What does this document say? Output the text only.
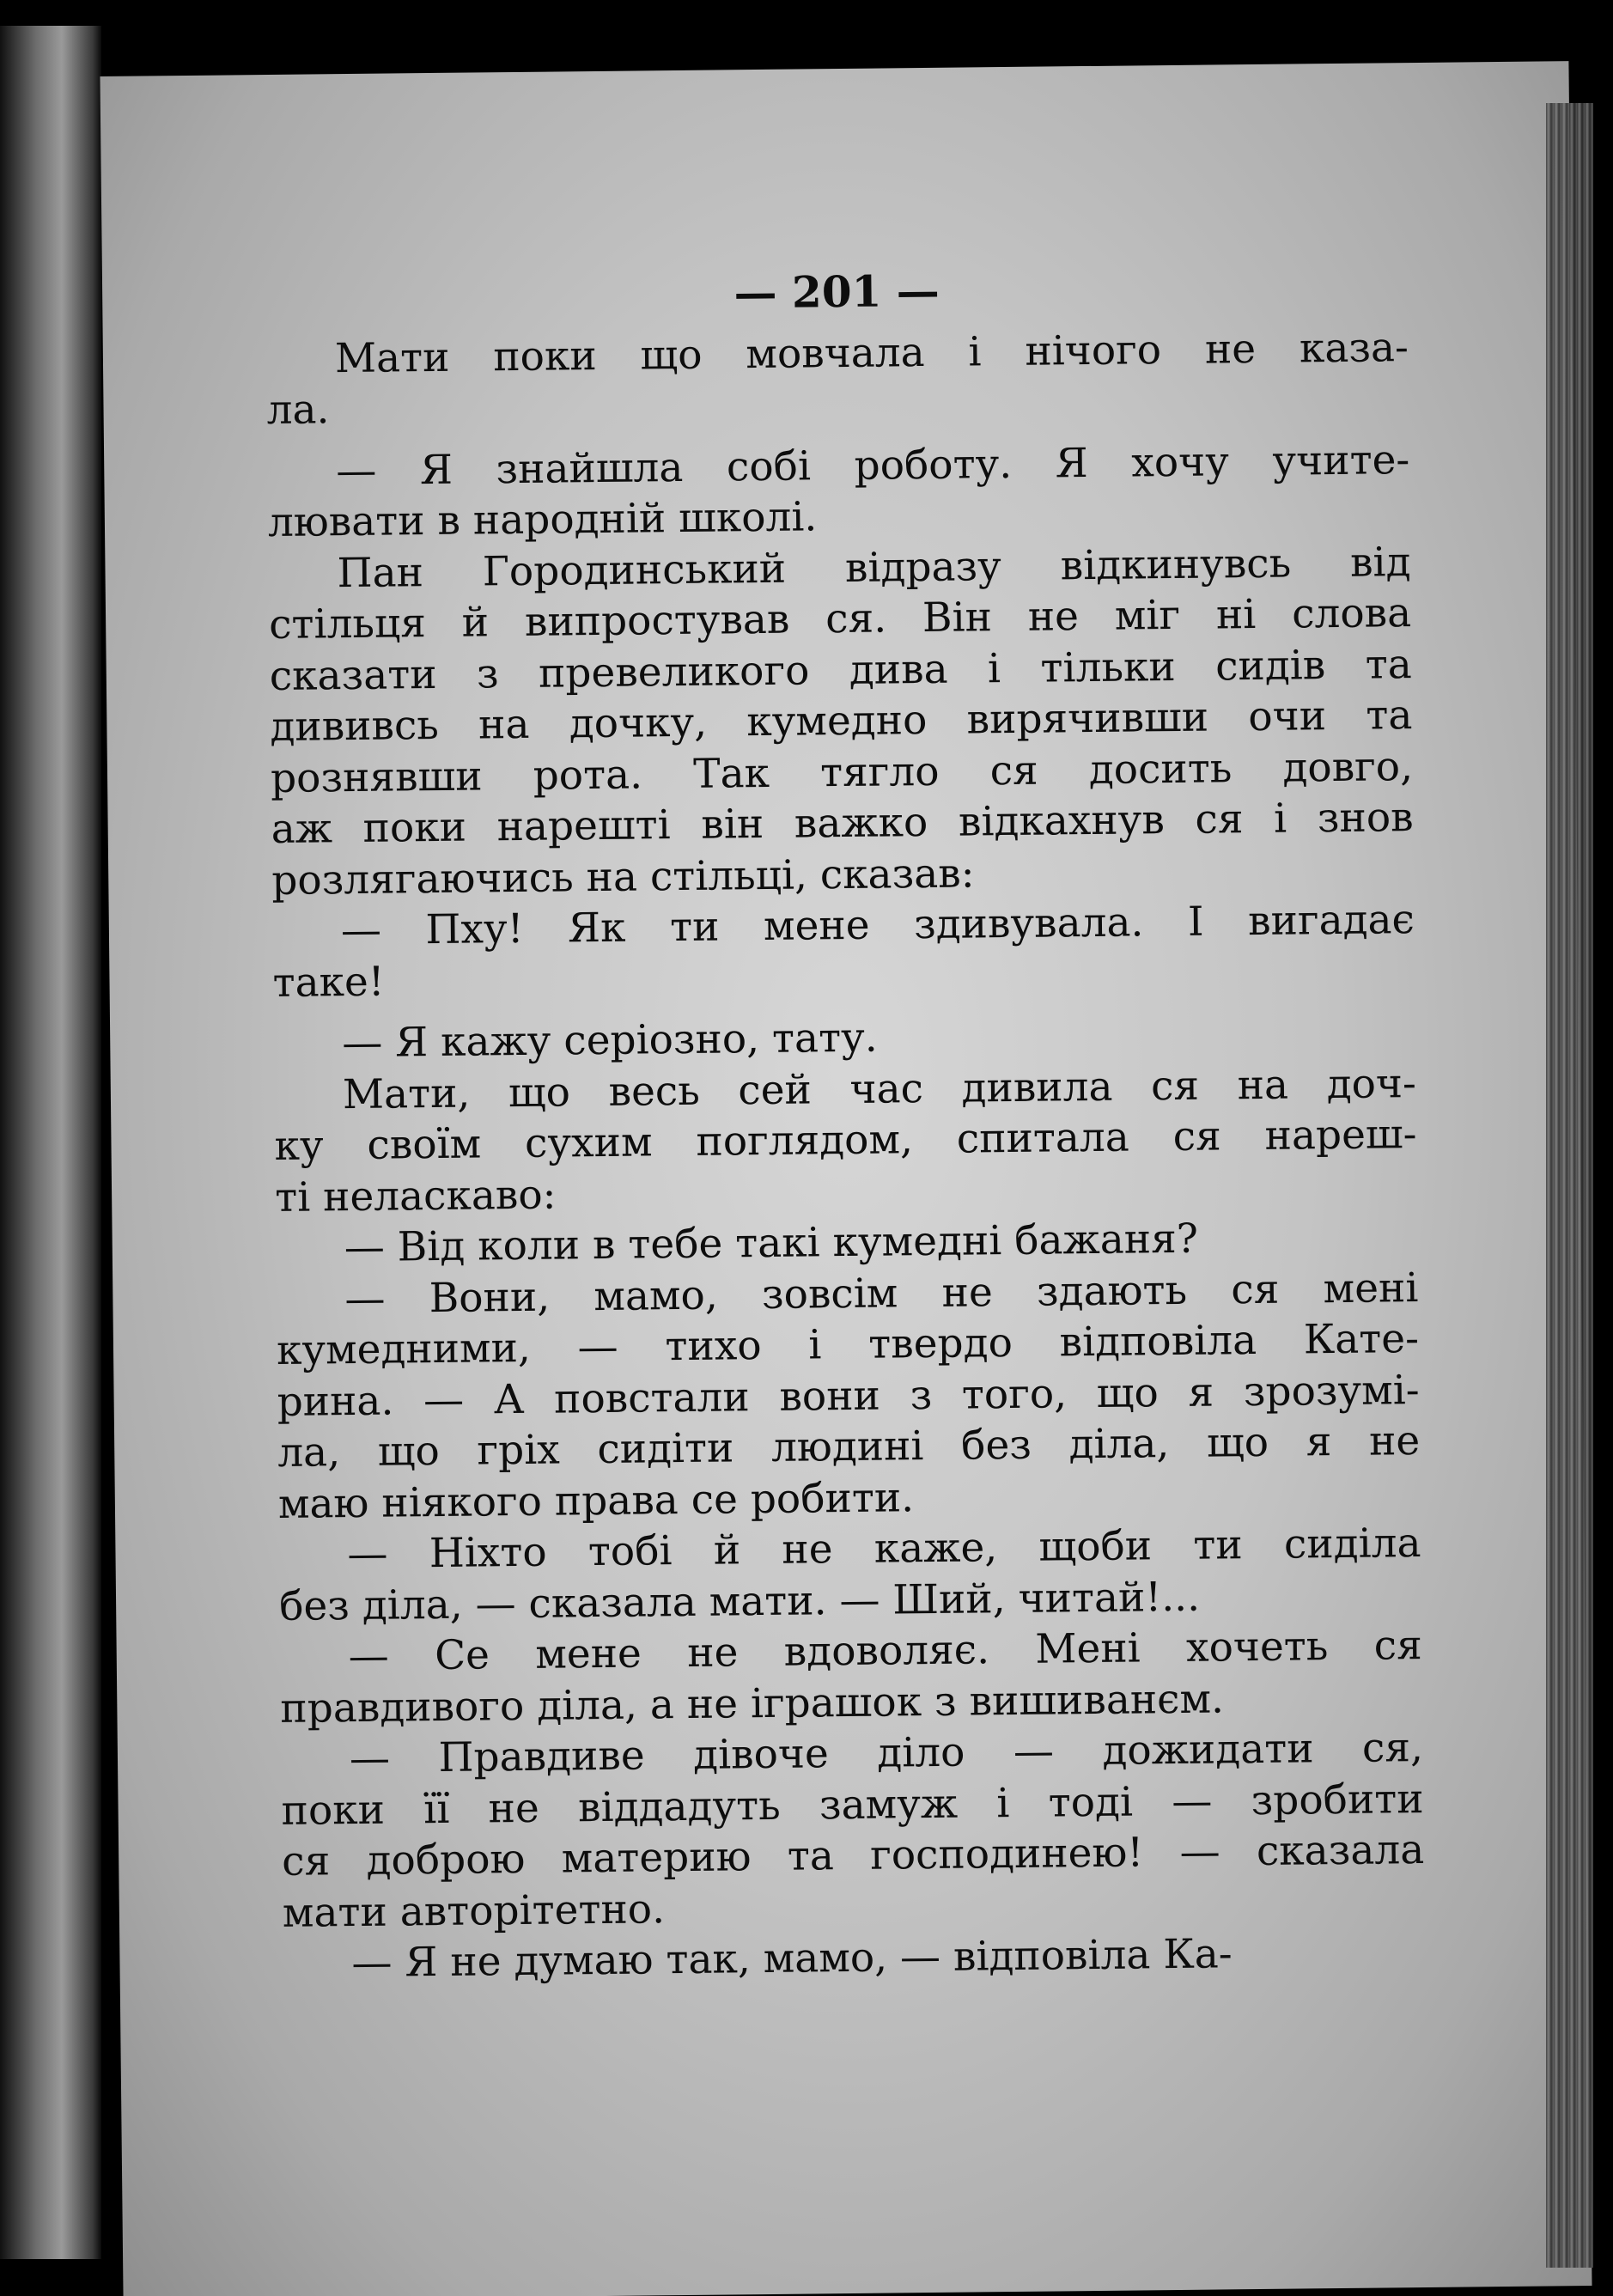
— 201 —
Мати поки що мовчала і нічого не каза-
ла.
— Я знайшла собі роботу. Я хочу учите-
лювати в народній школі.
Пан Городинський відразу відкинувсь від
стільця й випростував ся. Він не міг ні слова
сказати з превеликого дива і тільки сидів та
дививсь на дочку, кумедно вирячивши очи та
рознявши рота. Так тягло ся досить довго,
аж поки нарешті він важко відкахнув ся і знов
розлягаючись на стільці, сказав:
— Пху! Як ти мене здивувала. І вигадає
таке!
— Я кажу серіозно, тату.
Мати, що весь сей час дивила ся на доч-
ку своїм сухим поглядом, спитала ся нареш-
ті неласкаво:
— Від коли в тебе такі кумедні бажаня?
— Вони, мамо, зовсім не здають ся мені
кумедними, — тихо і твердо відповіла Кате-
рина. — А повстали вони з того, що я зрозумі-
ла, що гріх сидіти людині без діла, що я не
маю ніякого права се робити.
— Ніхто тобі й не каже, щоби ти сиділа
без діла, — сказала мати. — Ший, читай!...
— Се мене не вдоволяє. Мені хочеть ся
правдивого діла, а не іграшок з вишиванєм.
— Правдиве дівоче діло — дожидати ся,
поки її не віддадуть замуж і тоді — зробити
ся доброю материю та господинею! — сказала
мати авторітетно.
— Я не думаю так, мамо, — відповіла Ка-
